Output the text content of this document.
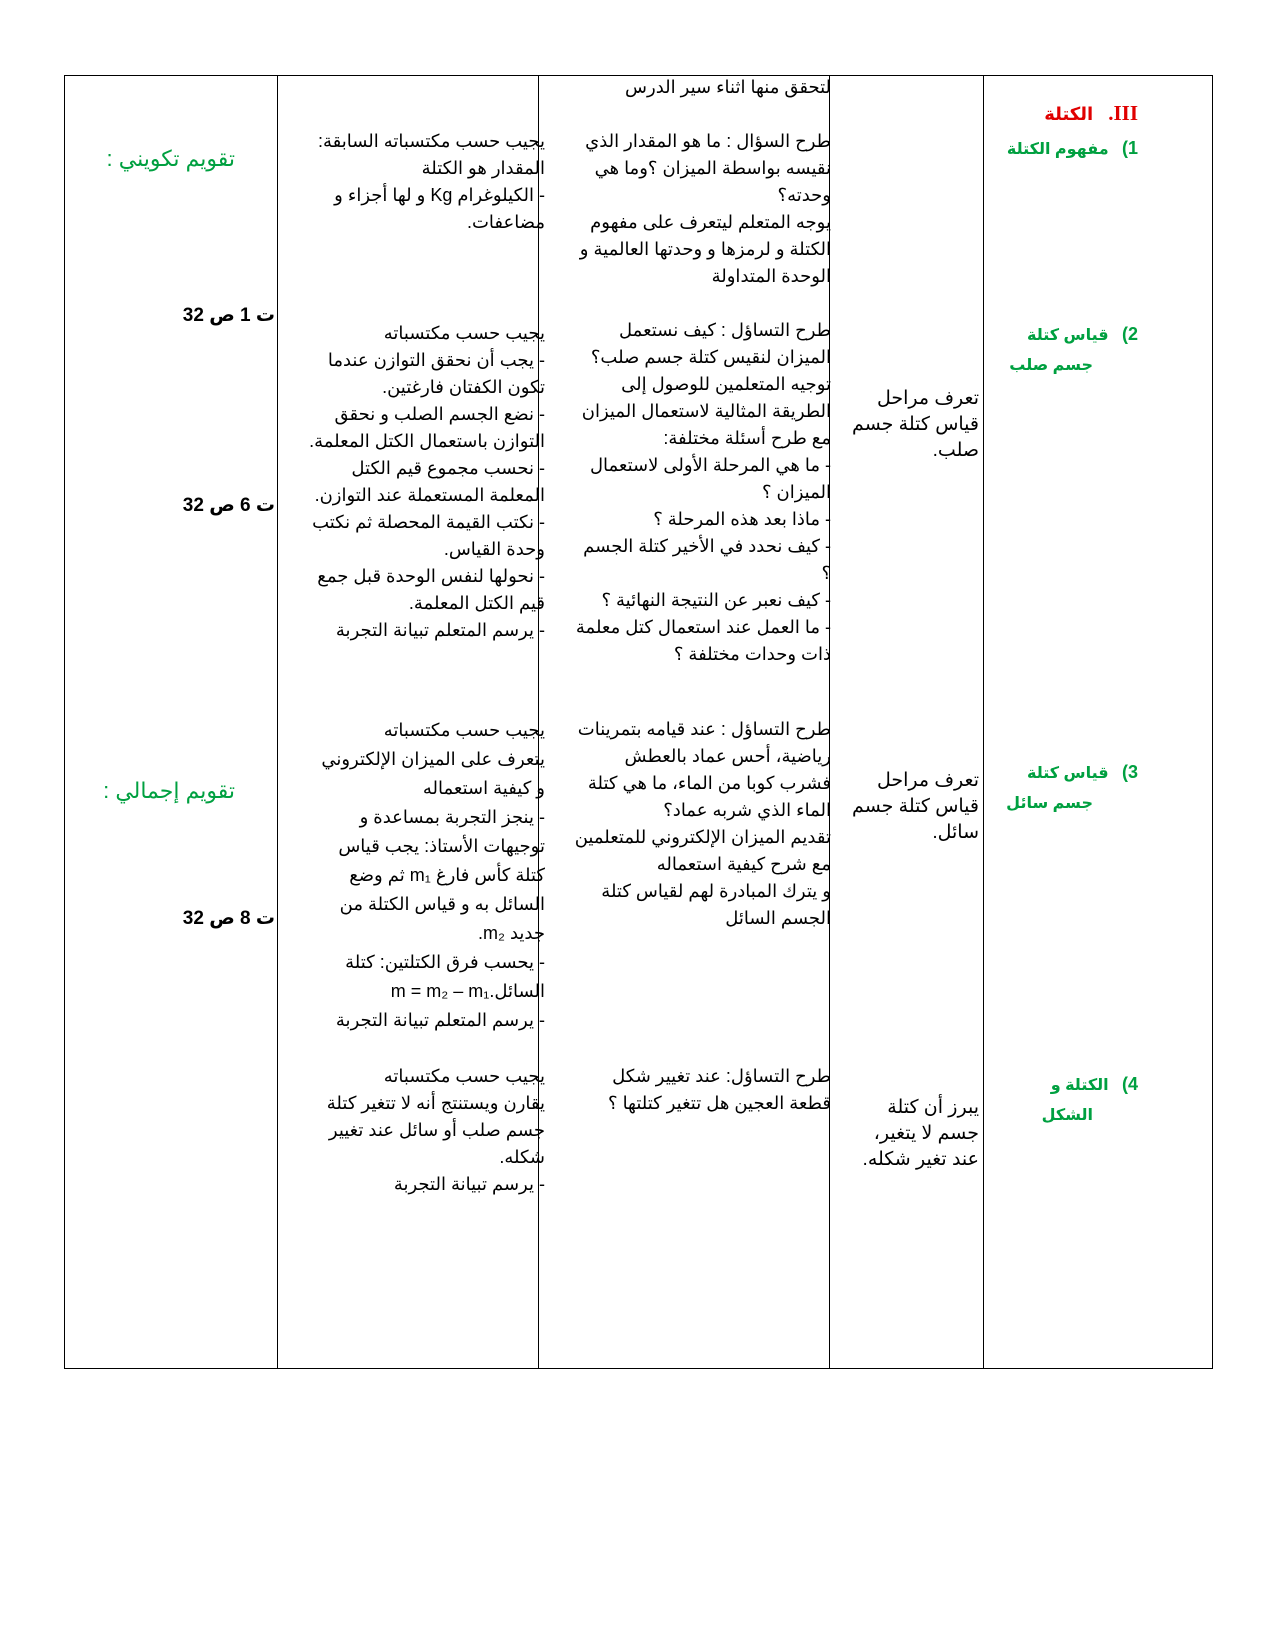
III.   الكتلة
1)   مفهوم الكتلة
2)   قياس كتلة
جسم صلب
3)   قياس كتلة
جسم سائل
4)   الكتلة و
الشكل
تعرف مراحل
قياس كتلة جسم
صلب.
تعرف مراحل
قياس كتلة جسم
سائل.
يبرز أن كتلة
جسم لا يتغير،
عند تغير شكله.
لتحقق منها اثناء سير الدرس
طرح السؤال : ما هو المقدار الذي
نقيسه بواسطة الميزان ؟وما هي
وحدته؟
يوجه المتعلم ليتعرف على مفهوم
الكتلة و لرمزها و وحدتها العالمية و
الوحدة المتداولة
طرح التساؤل : كيف نستعمل
الميزان لنقيس كتلة جسم صلب؟
توجيه المتعلمين للوصول إلى
الطريقة المثالية لاستعمال الميزان
مع طرح أسئلة مختلفة:
- ما هي المرحلة الأولى لاستعمال
الميزان ؟
- ماذا بعد هذه المرحلة ؟
- كيف نحدد في الأخير كتلة الجسم
؟
- كيف نعبر عن النتيجة النهائية ؟
- ما العمل عند استعمال كتل معلمة
ذات وحدات مختلفة ؟
طرح التساؤل : عند قيامه بتمرينات
رياضية، أحس عماد بالعطش
فشرب كوبا من الماء، ما هي كتلة
الماء الذي شربه عماد؟
تقديم الميزان الإلكتروني للمتعلمين
مع شرح كيفية استعماله
و يترك المبادرة لهم لقياس كتلة
الجسم السائل
طرح التساؤل: عند تغيير شكل
قطعة العجين هل تتغير كتلتها ؟
يجيب حسب مكتسباته السابقة:
المقدار هو الكتلة
- الكيلوغرام Kg و لها أجزاء و
مضاعفات.
يجيب حسب مكتسباته
- يجب أن نحقق التوازن عندما
تكون الكفتان فارغتين.
- نضع الجسم الصلب و نحقق
التوازن باستعمال الكتل المعلمة.
- نحسب مجموع قيم الكتل
المعلمة المستعملة عند التوازن.
- نكتب القيمة المحصلة ثم نكتب
وحدة القياس.
- نحولها لنفس الوحدة قبل جمع
قيم الكتل المعلمة.
- يرسم المتعلم تبيانة التجربة
يجيب حسب مكتسباته
يتعرف على الميزان الإلكتروني
و كيفية استعماله
- ينجز التجربة بمساعدة و
توجيهات الأستاذ: يجب قياس
كتلة كأس فارغ m₁ ثم وضع
السائل به و قياس الكتلة من
جديد m₂.
- يحسب فرق الكتلتين: كتلة
السائل.m = m₂ – m₁
- يرسم المتعلم تبيانة التجربة
يجيب حسب مكتسباته
يقارن ويستنتج أنه لا تتغير كتلة
جسم صلب أو سائل عند تغيير
شكله.
- يرسم تبيانة التجربة
تقويم تكويني :
تقويم إجمالي :
ت 1 ص 32
ت 6 ص 32
ت 8 ص 32
